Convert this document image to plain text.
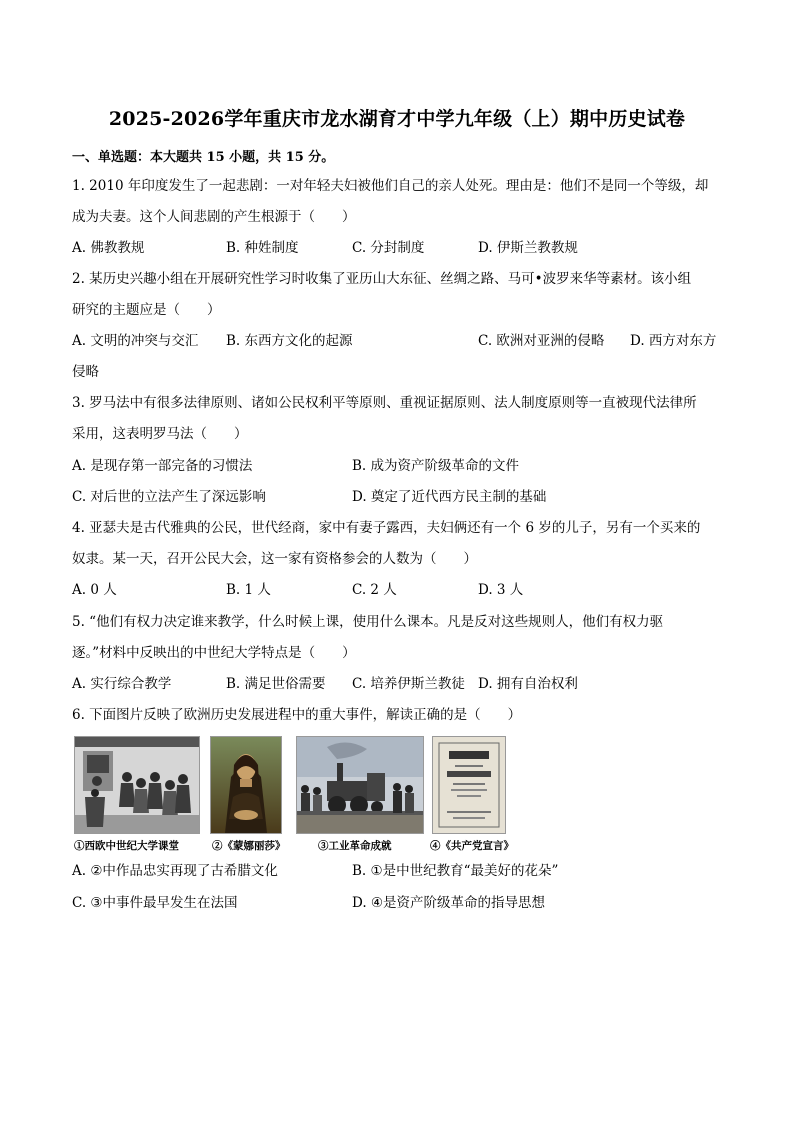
2025-2026学年重庆市龙水湖育才中学九年级（上）期中历史试卷
一、单选题：本大题共 15 小题，共 15 分。
1. 2010 年印度发生了一起悲剧：一对年轻夫妇被他们自己的亲人处死。理由是：他们不是同一个等级，却
成为夫妻。这个人间悲剧的产生根源于（　　）
A. 佛教教规	B. 种姓制度	C. 分封制度	D. 伊斯兰教教规
2. 某历史兴趣小组在开展研究性学习时收集了亚历山大东征、丝绸之路、马可•波罗来华等素材。该小组
研究的主题应是（　　）
A. 文明的冲突与交汇 B. 东西方文化的起源	C. 欧洲对亚洲的侵略 D. 西方对东方
侵略
3. 罗马法中有很多法律原则、诸如公民权利平等原则、重视证据原则、法人制度原则等一直被现代法律所
采用，这表明罗马法（　　）
A. 是现存第一部完备的习惯法	B. 成为资产阶级革命的文件
C. 对后世的立法产生了深远影响	D. 奠定了近代西方民主制的基础
4. 亚瑟夫是古代雅典的公民，世代经商，家中有妻子露西，夫妇俩还有一个 6 岁的儿子，另有一个买来的
奴隶。某一天，召开公民大会，这一家有资格参会的人数为（　　）
A. 0 人	B. 1 人	C. 2 人	D. 3 人
5. “他们有权力决定谁来教学，什么时候上课，使用什么课本。凡是反对这些规则人，他们有权力驱
逐。”材料中反映出的中世纪大学特点是（　　）
A. 实行综合教学	B. 满足世俗需要 C. 培养伊斯兰教徒 D. 拥有自治权利
6. 下面图片反映了欧洲历史发展进程中的重大事件，解读正确的是（　　）
①西欧中世纪大学课堂	②《蒙娜丽莎》	③工业革命成就	④《共产党宣言》
A. ②中作品忠实再现了古希腊文化	B. ①是中世纪教育“最美好的花朵”
C. ③中事件最早发生在法国	D. ④是资产阶级革命的指导思想
